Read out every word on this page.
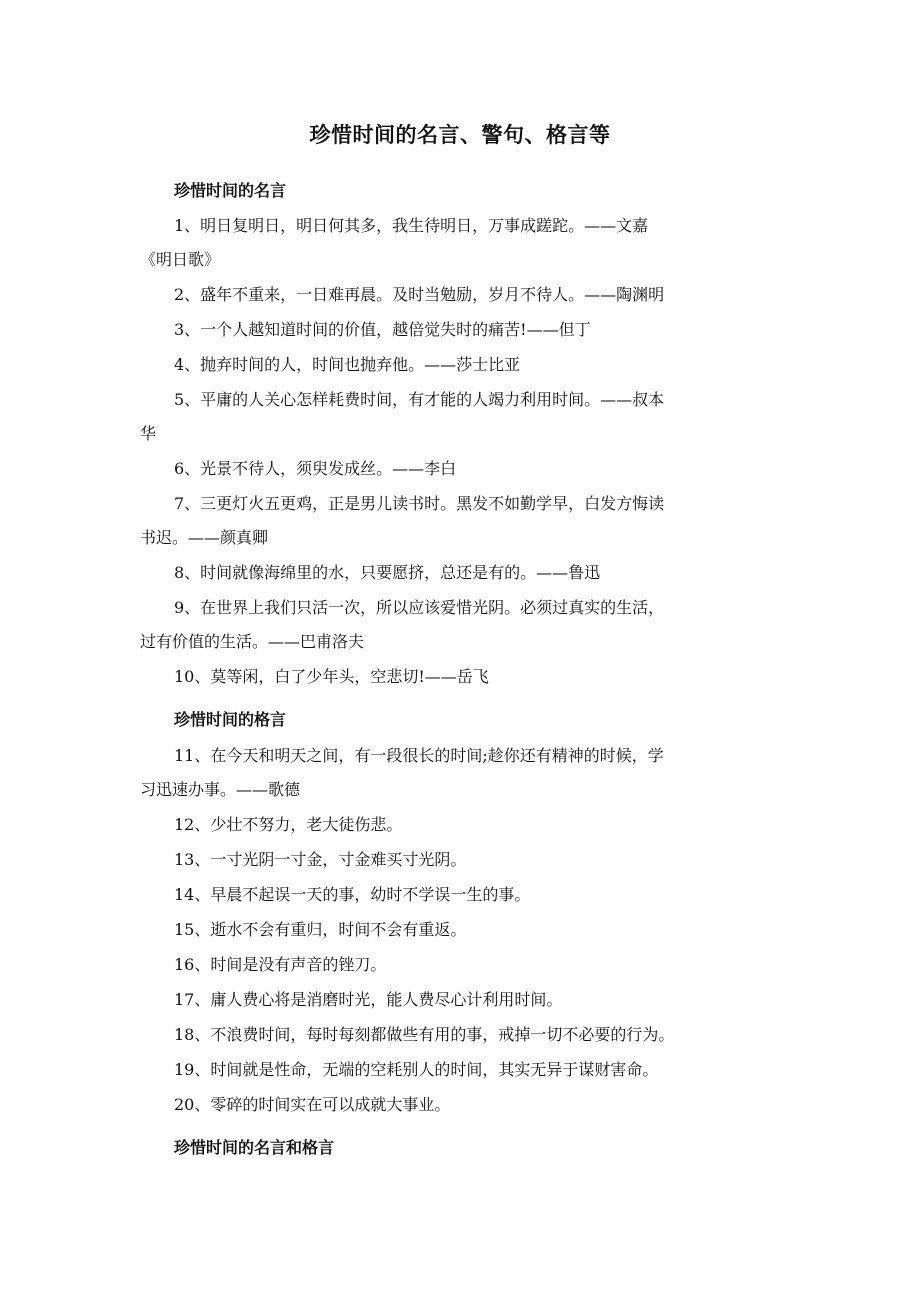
珍惜时间的名言、警句、格言等
珍惜时间的名言
1、明日复明日，明日何其多，我生待明日，万事成蹉跎。——文嘉
《明日歌》
2、盛年不重来，一日难再晨。及时当勉励，岁月不待人。——陶渊明
3、一个人越知道时间的价值，越倍觉失时的痛苦!——但丁
4、抛弃时间的人，时间也抛弃他。——莎士比亚
5、平庸的人关心怎样耗费时间，有才能的人竭力利用时间。——叔本
华
6、光景不待人，须臾发成丝。——李白
7、三更灯火五更鸡，正是男儿读书时。黑发不如勤学早，白发方悔读
书迟。——颜真卿
8、时间就像海绵里的水，只要愿挤，总还是有的。——鲁迅
9、在世界上我们只活一次，所以应该爱惜光阴。必须过真实的生活，
过有价值的生活。——巴甫洛夫
10、莫等闲，白了少年头，空悲切!——岳飞
珍惜时间的格言
11、在今天和明天之间，有一段很长的时间;趁你还有精神的时候，学
习迅速办事。——歌德
12、少壮不努力，老大徒伤悲。
13、一寸光阴一寸金，寸金难买寸光阴。
14、早晨不起误一天的事，幼时不学误一生的事。
15、逝水不会有重归，时间不会有重返。
16、时间是没有声音的锉刀。
17、庸人费心将是消磨时光，能人费尽心计利用时间。
18、不浪费时间，每时每刻都做些有用的事，戒掉一切不必要的行为。
19、时间就是性命，无端的空耗别人的时间，其实无异于谋财害命。
20、零碎的时间实在可以成就大事业。
珍惜时间的名言和格言
